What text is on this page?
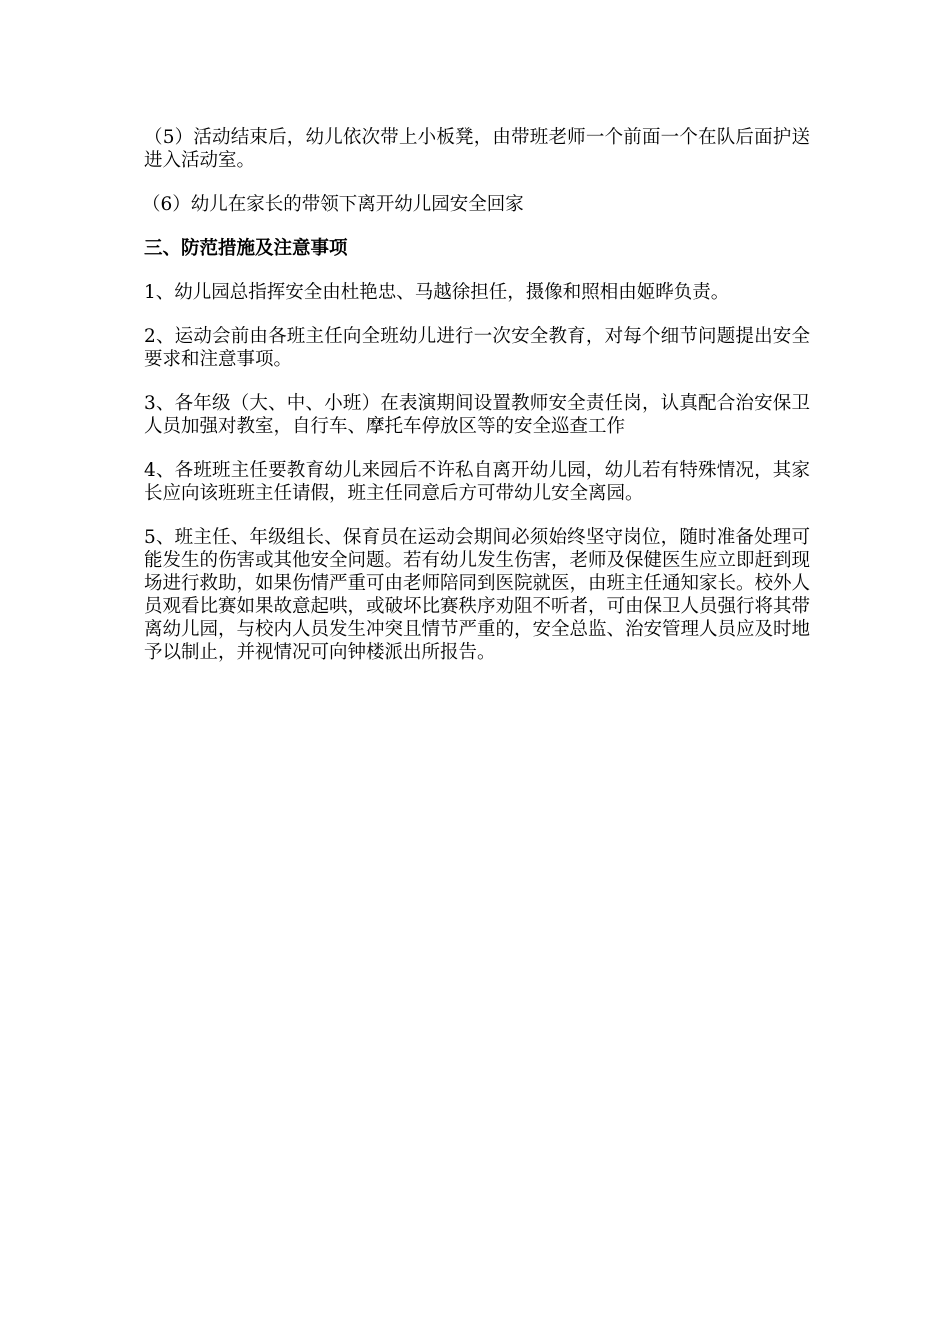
（5）活动结束后，幼儿依次带上小板凳，由带班老师一个前面一个在队后面护送进入活动室。

（6）幼儿在家长的带领下离开幼儿园安全回家

三、防范措施及注意事项

1、幼儿园总指挥安全由杜艳忠、马越徐担任，摄像和照相由姬晔负责。

2、运动会前由各班主任向全班幼儿进行一次安全教育，对每个细节问题提出安全要求和注意事项。

3、各年级（大、中、小班）在表演期间设置教师安全责任岗，认真配合治安保卫人员加强对教室，自行车、摩托车停放区等的安全巡查工作

4、各班班主任要教育幼儿来园后不许私自离开幼儿园，幼儿若有特殊情况，其家长应向该班班主任请假，班主任同意后方可带幼儿安全离园。

5、班主任、年级组长、保育员在运动会期间必须始终坚守岗位，随时准备处理可能发生的伤害或其他安全问题。若有幼儿发生伤害，老师及保健医生应立即赶到现场进行救助，如果伤情严重可由老师陪同到医院就医，由班主任通知家长。校外人员观看比赛如果故意起哄，或破坏比赛秩序劝阻不听者，可由保卫人员强行将其带离幼儿园，与校内人员发生冲突且情节严重的，安全总监、治安管理人员应及时地予以制止，并视情况可向钟楼派出所报告。
